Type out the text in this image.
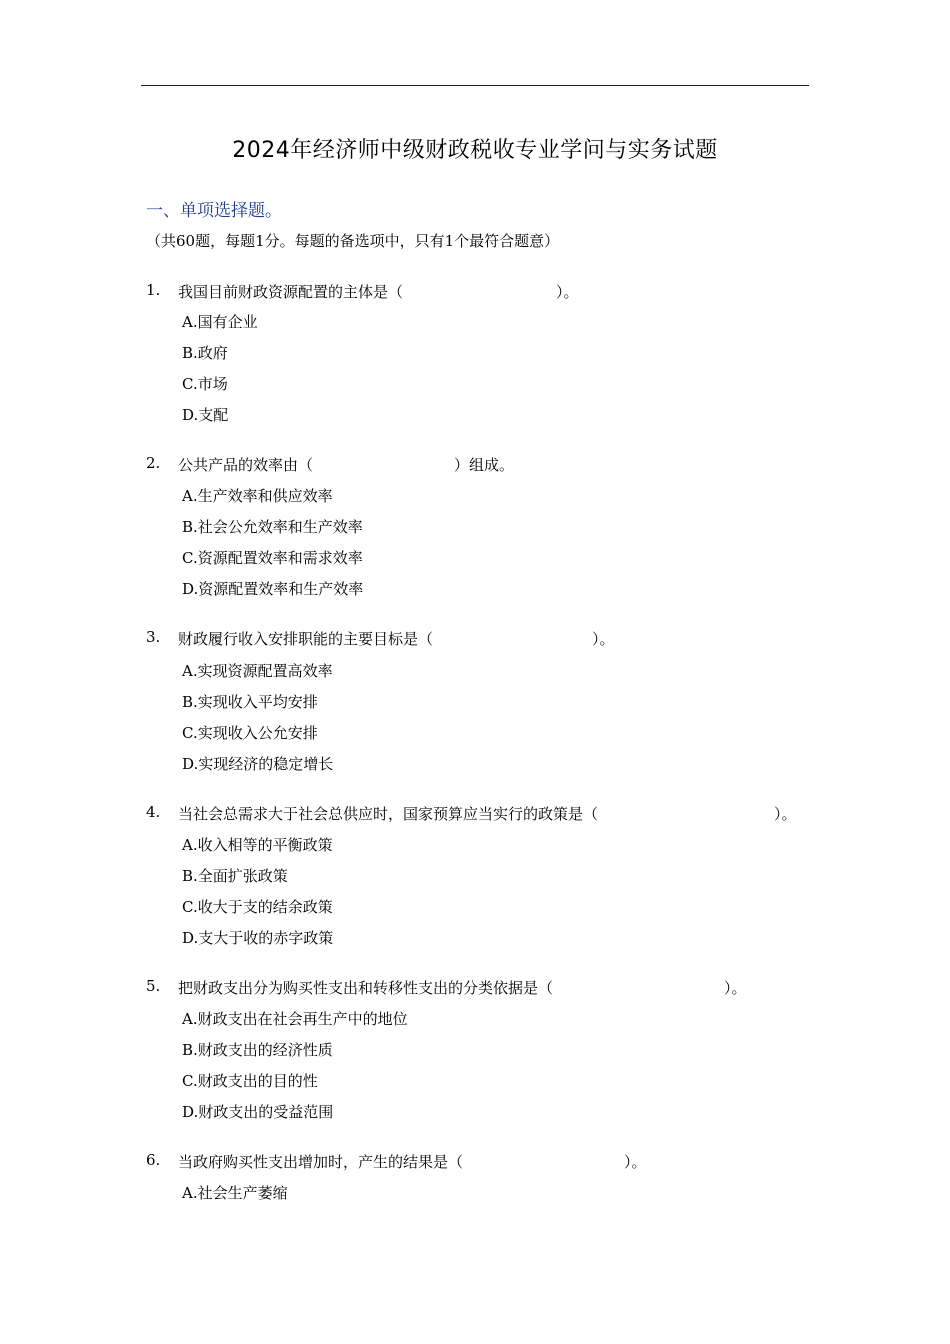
2024年经济师中级财政税收专业学问与实务试题
一、单项选择题。
（共60题，每题1分。每题的备选项中，只有1个最符合题意）
1. 我国目前财政资源配置的主体是（	）。
A.国有企业
B.政府
C.市场
D.支配
2. 公共产品的效率由（	）组成。
A.生产效率和供应效率
B.社会公允效率和生产效率
C.资源配置效率和需求效率
D.资源配置效率和生产效率
3. 财政履行收入安排职能的主要目标是（	）。
A.实现资源配置高效率
B.实现收入平均安排
C.实现收入公允安排
D.实现经济的稳定增长
4. 当社会总需求大于社会总供应时，国家预算应当实行的政策是（	）。
A.收入相等的平衡政策
B.全面扩张政策
C.收大于支的结余政策
D.支大于收的赤字政策
5. 把财政支出分为购买性支出和转移性支出的分类依据是（	）。
A.财政支出在社会再生产中的地位
B.财政支出的经济性质
C.财政支出的目的性
D.财政支出的受益范围
6. 当政府购买性支出增加时，产生的结果是（	）。
A.社会生产萎缩
